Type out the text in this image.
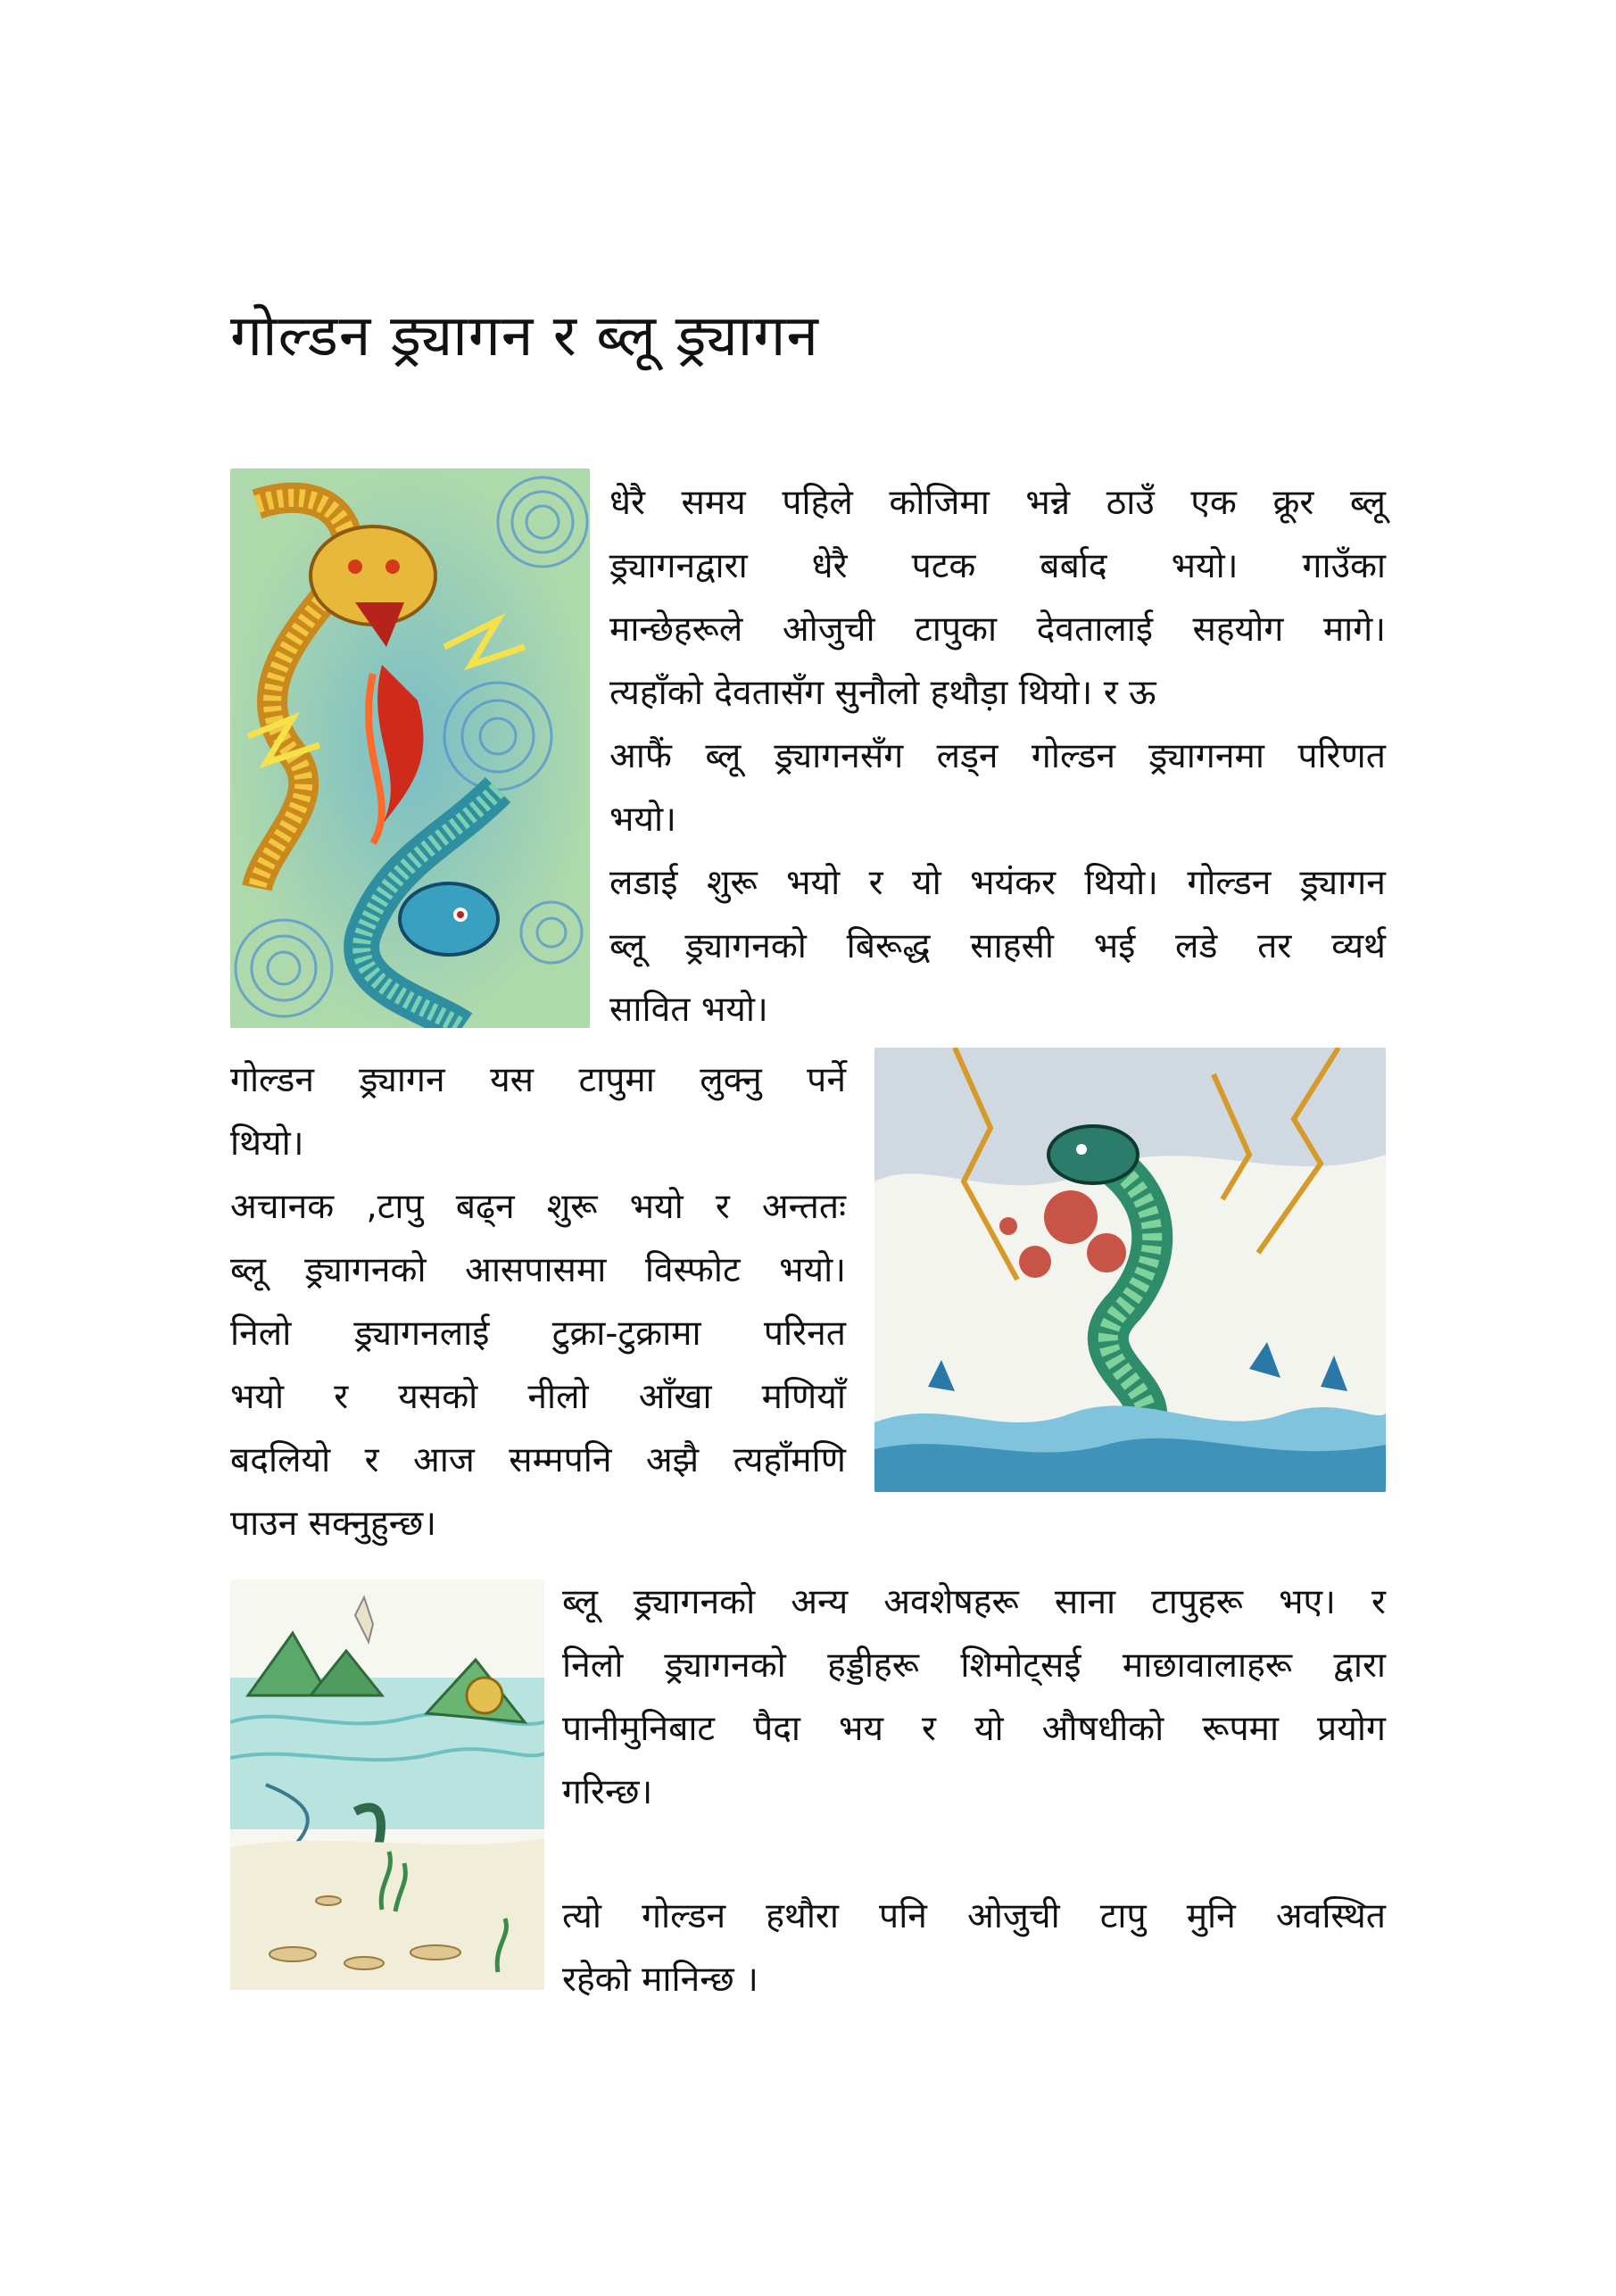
गोल्डन ड्र्यागन र ब्लू ड्र्यागन
धेरै समय पहिले कोजिमा भन्ने ठाउँ एक क्रूर ब्लू
ड्र्यागनद्वारा धेरै पटक बर्बाद भयो। गाउँका
मान्छेहरूले ओजुची टापुका देवतालाई सहयोग मागे।
त्यहाँको देवतासँग सुनौलो हथौड़ा थियो। र ऊ
आफैं ब्लू ड्र्यागनसँग लड्न गोल्डन ड्र्यागनमा परिणत
भयो।
लडाई शुरू भयो र यो भयंकर थियो। गोल्डन ड्र्यागन
ब्लू ड्र्यागनको बिरूद्ध साहसी भई लडे तर व्यर्थ
सावित भयो।
गोल्डन ड्र्यागन यस टापुमा लुक्नु पर्ने
थियो।
अचानक ,टापु बढ्न शुरू भयो र अन्ततः
ब्लू ड्र्यागनको आसपासमा विस्फोट भयो।
निलो ड्र्यागनलाई टुक्रा-टुक्रामा परिनत
भयो र यसको नीलो आँखा मणियाँ
बदलियो र आज सम्मपनि अझै त्यहाँमणि
पाउन सक्नुहुन्छ।
ब्लू ड्र्यागनको अन्य अवशेषहरू साना टापुहरू भए। र
निलो ड्र्यागनको हड्डीहरू शिमोट्सई माछावालाहरू द्वारा
पानीमुनिबाट पैदा भय र यो औषधीको रूपमा प्रयोग
गरिन्छ।
त्यो गोल्डन हथौरा पनि ओजुची टापु मुनि अवस्थित
रहेको मानिन्छ ।
